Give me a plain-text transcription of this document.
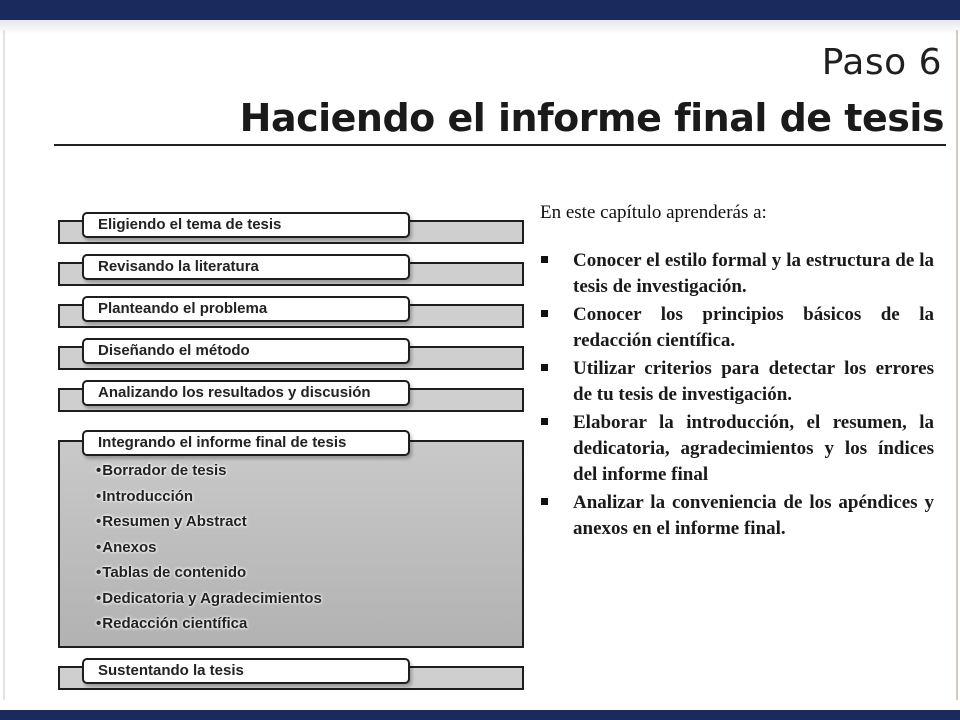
Paso 6
Haciendo el informe final de tesis
Eligiendo el tema de tesis
Revisando la literatura
Planteando el problema
Diseñando el método
Analizando los resultados y discusión
Integrando el informe final de tesis
• Borrador de tesis
• Introducción
• Resumen y Abstract
• Anexos
• Tablas de contenido
• Dedicatoria y Agradecimientos
• Redacción científica
Sustentando la tesis

En este capítulo aprenderás a:

Conocer el estilo formal y la estructura de la tesis de investigación.
Conocer los principios básicos de la redacción científica.
Utilizar criterios para detectar los errores de tu tesis de investigación.
Elaborar la introducción, el resumen, la dedicatoria, agradecimientos y los índices del informe final
Analizar la conveniencia de los apéndices y anexos en el informe final.
